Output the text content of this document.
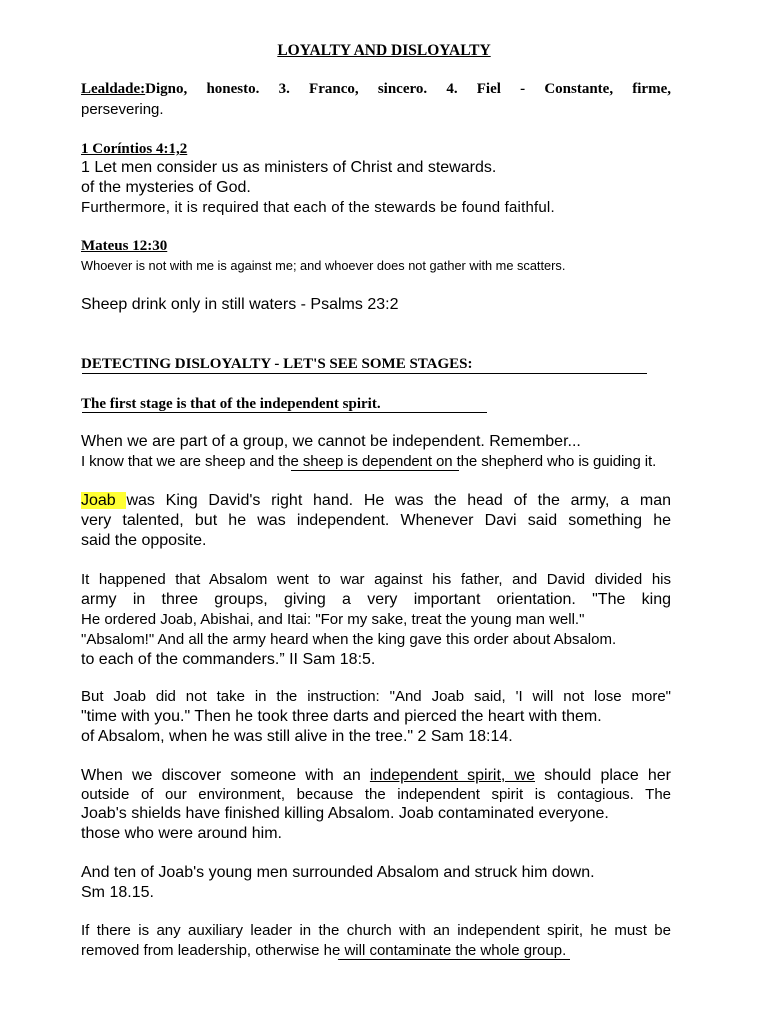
LOYALTY AND DISLOYALTY
Lealdade:Digno, honesto. 3. Franco, sincero. 4. Fiel - Constante, firme,
persevering.
1 Coríntios 4:1,2
1 Let men consider us as ministers of Christ and stewards.
of the mysteries of God.
Furthermore, it is required that each of the stewards be found faithful.
Mateus 12:30
Whoever is not with me is against me; and whoever does not gather with me scatters.
Sheep drink only in still waters - Psalms 23:2
DETECTING DISLOYALTY - LET'S SEE SOME STAGES:
The first stage is that of the independent spirit.
When we are part of a group, we cannot be independent. Remember...
I know that we are sheep and the sheep is dependent on the shepherd who is guiding it.
Joab was King David's right hand. He was the head of the army, a man
very talented, but he was independent. Whenever Davi said something he
said the opposite.
It happened that Absalom went to war against his father, and David divided his
army in three groups, giving a very important orientation. "The king
He ordered Joab, Abishai, and Itai: "For my sake, treat the young man well."
"Absalom!" And all the army heard when the king gave this order about Absalom.
to each of the commanders.” II Sam 18:5.
But Joab did not take in the instruction: "And Joab said, 'I will not lose more"
"time with you." Then he took three darts and pierced the heart with them.
of Absalom, when he was still alive in the tree." 2 Sam 18:14.
When we discover someone with an independent spirit, we should place her
outside of our environment, because the independent spirit is contagious. The
Joab's shields have finished killing Absalom. Joab contaminated everyone.
those who were around him.
And ten of Joab's young men surrounded Absalom and struck him down.
Sm 18.15.
If there is any auxiliary leader in the church with an independent spirit, he must be
removed from leadership, otherwise he will contaminate the whole group.
